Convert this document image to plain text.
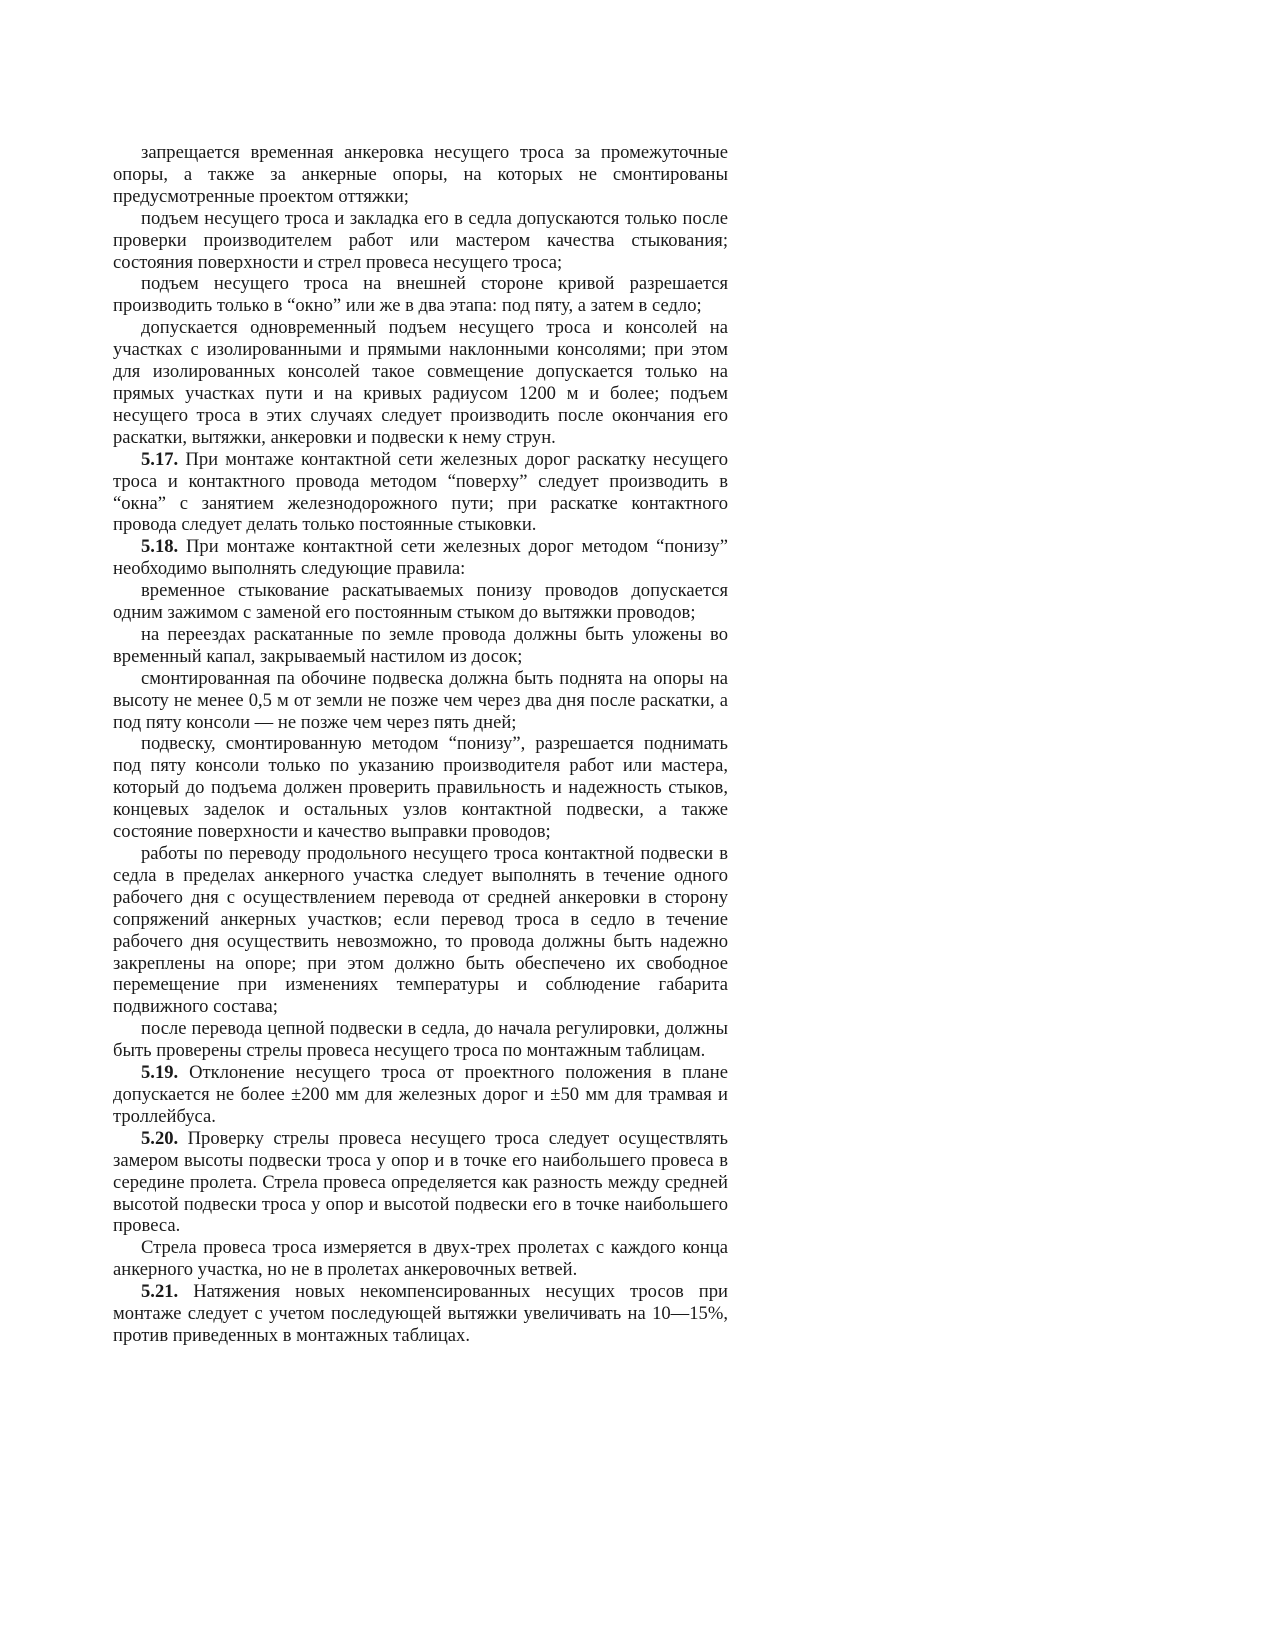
запрещается временная анкеровка несущего троса за промежуточные опоры, а также за анкерные опоры, на которых не смонтированы предусмотренные проектом оттяжки;

подъем несущего троса и закладка его в седла допускаются только после проверки производителем работ или мастером качества стыкования; состояния поверхности и стрел провеса несущего троса;

подъем несущего троса на внешней стороне кривой разрешается производить только в “окно” или же в два этапа: под пяту, а затем в седло;

допускается одновременный подъем несущего троса и консолей на участках с изолированными и прямыми наклонными консолями; при этом для изолированных консолей такое совмещение допускается только на прямых участках пути и на кривых радиусом 1200 м и более; подъем несущего троса в этих случаях следует производить после окончания его раскатки, вытяжки, анкеровки и подвески к нему струн.

5.17. При монтаже контактной сети железных дорог раскатку несущего троса и контактного провода методом “поверху” следует производить в “окна” с занятием железнодорожного пути; при раскатке контактного провода следует делать только постоянные стыковки.

5.18. При монтаже контактной сети железных дорог методом “понизу” необходимо выполнять следующие правила:

временное стыкование раскатываемых понизу проводов допускается одним зажимом с заменой его постоянным стыком до вытяжки проводов;

на переездах раскатанные по земле провода должны быть уложены во временный капал, закрываемый настилом из досок;

смонтированная па обочине подвеска должна быть поднята на опоры на высоту не менее 0,5 м от земли не позже чем через два дня после раскатки, а под пяту консоли — не позже чем через пять дней;

подвеску, смонтированную методом “понизу”, разрешается поднимать под пяту консоли только по указанию производителя работ или мастера, который до подъема должен проверить правильность и надежность стыков, концевых заделок и остальных узлов контактной подвески, а также состояние поверхности и качество выправки проводов;

работы по переводу продольного несущего троса контактной подвески в седла в пределах анкерного участка следует выполнять в течение одного рабочего дня с осуществлением перевода от средней анкеровки в сторону сопряжений анкерных участков; если перевод троса в седло в течение рабочего дня осуществить невозможно, то провода должны быть надежно закреплены на опоре; при этом должно быть обеспечено их свободное перемещение при изменениях температуры и соблюдение габарита подвижного состава;

после перевода цепной подвески в седла, до начала регулировки, должны быть проверены стрелы провеса несущего троса по монтажным таблицам.

5.19. Отклонение несущего троса от проектного положения в плане допускается не более ±200 мм для железных дорог и ±50 мм для трамвая и троллейбуса.

5.20. Проверку стрелы провеса несущего троса следует осуществлять замером высоты подвески троса у опор и в точке его наибольшего провеса в середине пролета. Стрела провеса определяется как разность между средней высотой подвески троса у опор и высотой подвески его в точке наибольшего провеса.

Стрела провеса троса измеряется в двух-трех пролетах с каждого конца анкерного участка, но не в пролетах анкеровочных ветвей.

5.21. Натяжения новых некомпенсированных несущих тросов при монтаже следует с учетом последующей вытяжки увеличивать на 10—15%, против приведенных в монтажных таблицах.
